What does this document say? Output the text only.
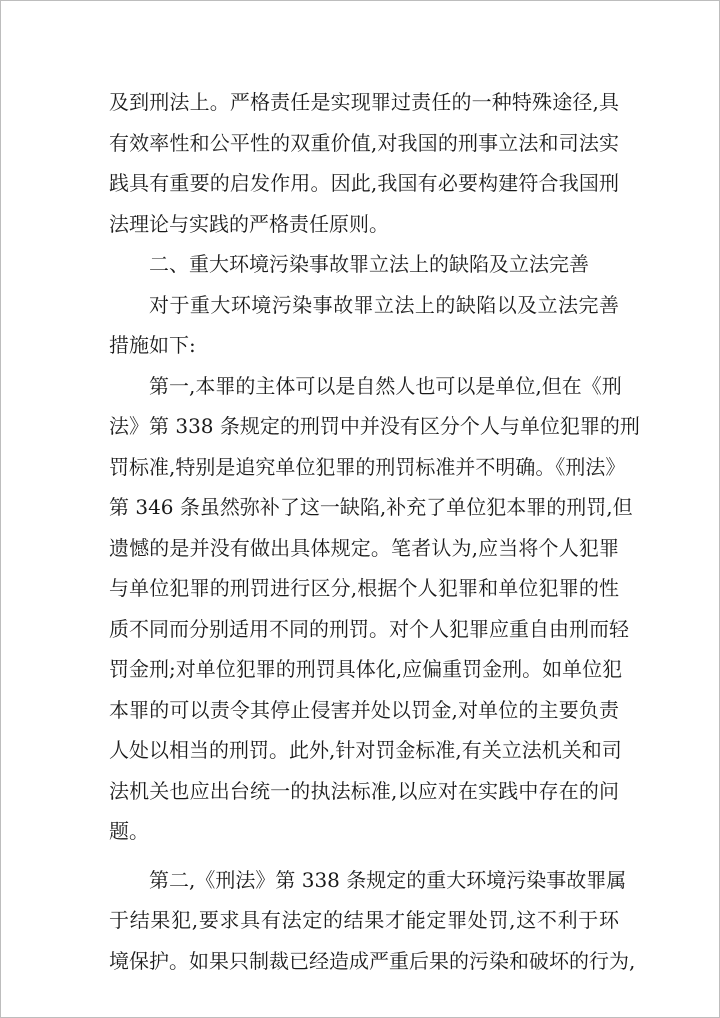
及到刑法上。严格责任是实现罪过责任的一种特殊途径,具
有效率性和公平性的双重价值,对我国的刑事立法和司法实
践具有重要的启发作用。因此,我国有必要构建符合我国刑
法理论与实践的严格责任原则。
二、重大环境污染事故罪立法上的缺陷及立法完善
对于重大环境污染事故罪立法上的缺陷以及立法完善
措施如下:
第一,本罪的主体可以是自然人也可以是单位,但在《刑
法》第 338 条规定的刑罚中并没有区分个人与单位犯罪的刑
罚标准,特别是追究单位犯罪的刑罚标准并不明确。《刑法》
第 346 条虽然弥补了这一缺陷,补充了单位犯本罪的刑罚,但
遗憾的是并没有做出具体规定。笔者认为,应当将个人犯罪
与单位犯罪的刑罚进行区分,根据个人犯罪和单位犯罪的性
质不同而分别适用不同的刑罚。对个人犯罪应重自由刑而轻
罚金刑;对单位犯罪的刑罚具体化,应偏重罚金刑。如单位犯
本罪的可以责令其停止侵害并处以罚金,对单位的主要负责
人处以相当的刑罚。此外,针对罚金标准,有关立法机关和司
法机关也应出台统一的执法标准,以应对在实践中存在的问
题。
第二,《刑法》第 338 条规定的重大环境污染事故罪属
于结果犯,要求具有法定的结果才能定罪处罚,这不利于环
境保护。如果只制裁已经造成严重后果的污染和破坏的行为,
